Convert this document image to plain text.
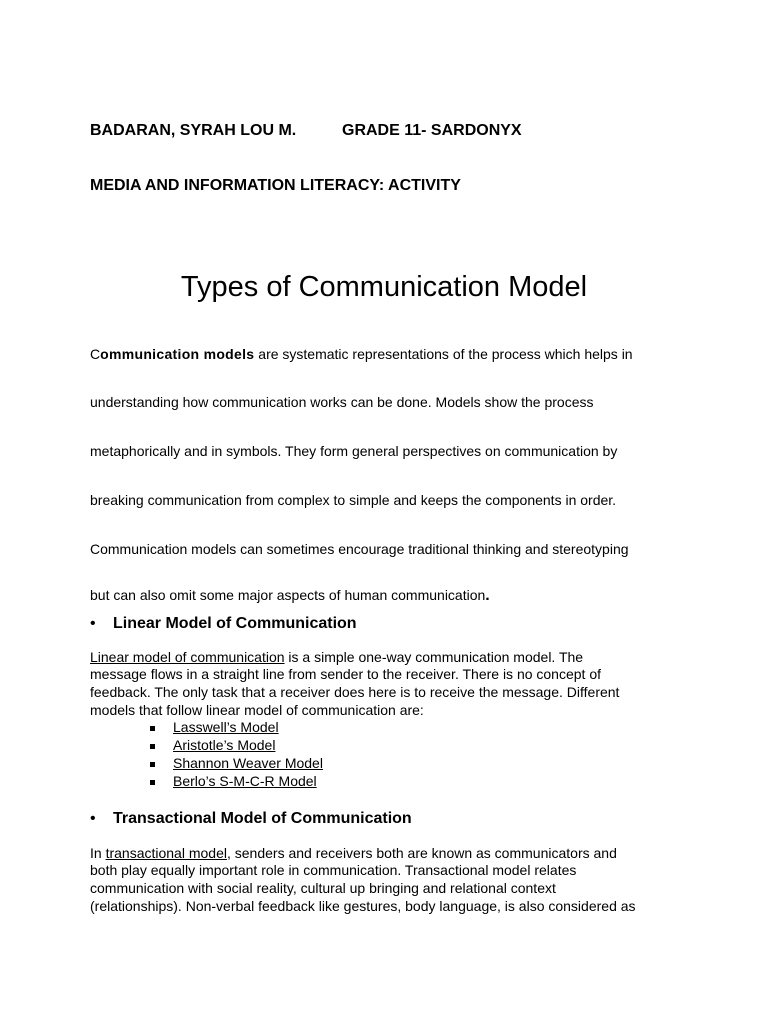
BADARAN, SYRAH LOU M.	GRADE 11- SARDONYX
MEDIA AND INFORMATION LITERACY: ACTIVITY
Types of Communication Model
Communication models are systematic representations of the process which helps in
understanding how communication works can be done. Models show the process
metaphorically and in symbols. They form general perspectives on communication by
breaking communication from complex to simple and keeps the components in order.
Communication models can sometimes encourage traditional thinking and stereotyping
but can also omit some major aspects of human communication.
• Linear Model of Communication
Linear model of communication is a simple one-way communication model. The
message flows in a straight line from sender to the receiver. There is no concept of
feedback. The only task that a receiver does here is to receive the message. Different
models that follow linear model of communication are:
Lasswell’s Model
Aristotle’s Model
Shannon Weaver Model
Berlo’s S-M-C-R Model
• Transactional Model of Communication
In transactional model, senders and receivers both are known as communicators and
both play equally important role in communication. Transactional model relates
communication with social reality, cultural up bringing and relational context
(relationships). Non-verbal feedback like gestures, body language, is also considered as
